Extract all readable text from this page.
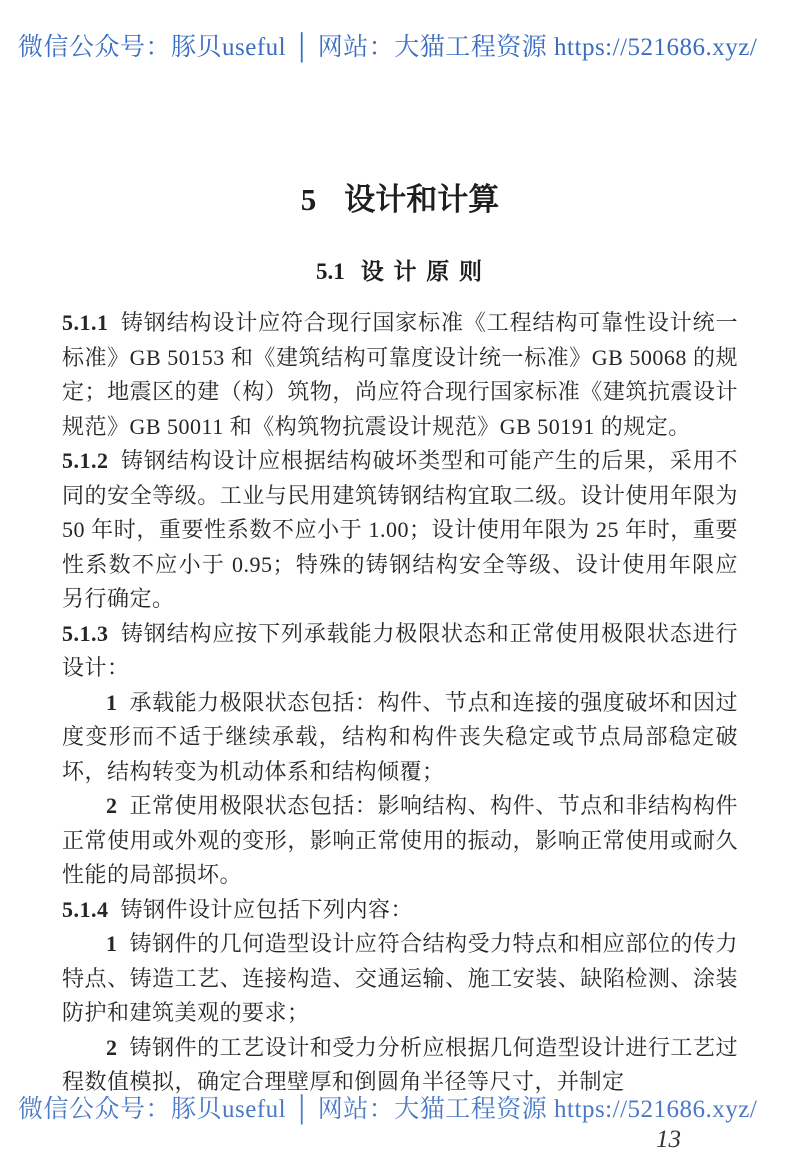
微信公众号：豚贝useful │ 网站：大猫工程资源 https://521686.xyz/
5 设计和计算
5.1 设 计 原 则

5.1.1 铸钢结构设计应符合现行国家标准《工程结构可靠性设计统一标准》GB 50153 和《建筑结构可靠度设计统一标准》GB 50068 的规定；地震区的建（构）筑物，尚应符合现行国家标准《建筑抗震设计规范》GB 50011 和《构筑物抗震设计规范》GB 50191 的规定。

5.1.2 铸钢结构设计应根据结构破坏类型和可能产生的后果，采用不同的安全等级。工业与民用建筑铸钢结构宜取二级。设计使用年限为 50 年时，重要性系数不应小于 1.00；设计使用年限为 25 年时，重要性系数不应小于 0.95；特殊的铸钢结构安全等级、设计使用年限应另行确定。

5.1.3 铸钢结构应按下列承载能力极限状态和正常使用极限状态进行设计：

1 承载能力极限状态包括：构件、节点和连接的强度破坏和因过度变形而不适于继续承载，结构和构件丧失稳定或节点局部稳定破坏，结构转变为机动体系和结构倾覆；

2 正常使用极限状态包括：影响结构、构件、节点和非结构构件正常使用或外观的变形，影响正常使用的振动，影响正常使用或耐久性能的局部损坏。

5.1.4 铸钢件设计应包括下列内容：

1 铸钢件的几何造型设计应符合结构受力特点和相应部位的传力特点、铸造工艺、连接构造、交通运输、施工安装、缺陷检测、涂装防护和建筑美观的要求；

2 铸钢件的工艺设计和受力分析应根据几何造型设计进行工艺过程数值模拟，确定合理壁厚和倒圆角半径等尺寸，并制定

微信公众号：豚贝useful │ 网站：大猫工程资源 https://521686.xyz/
13
